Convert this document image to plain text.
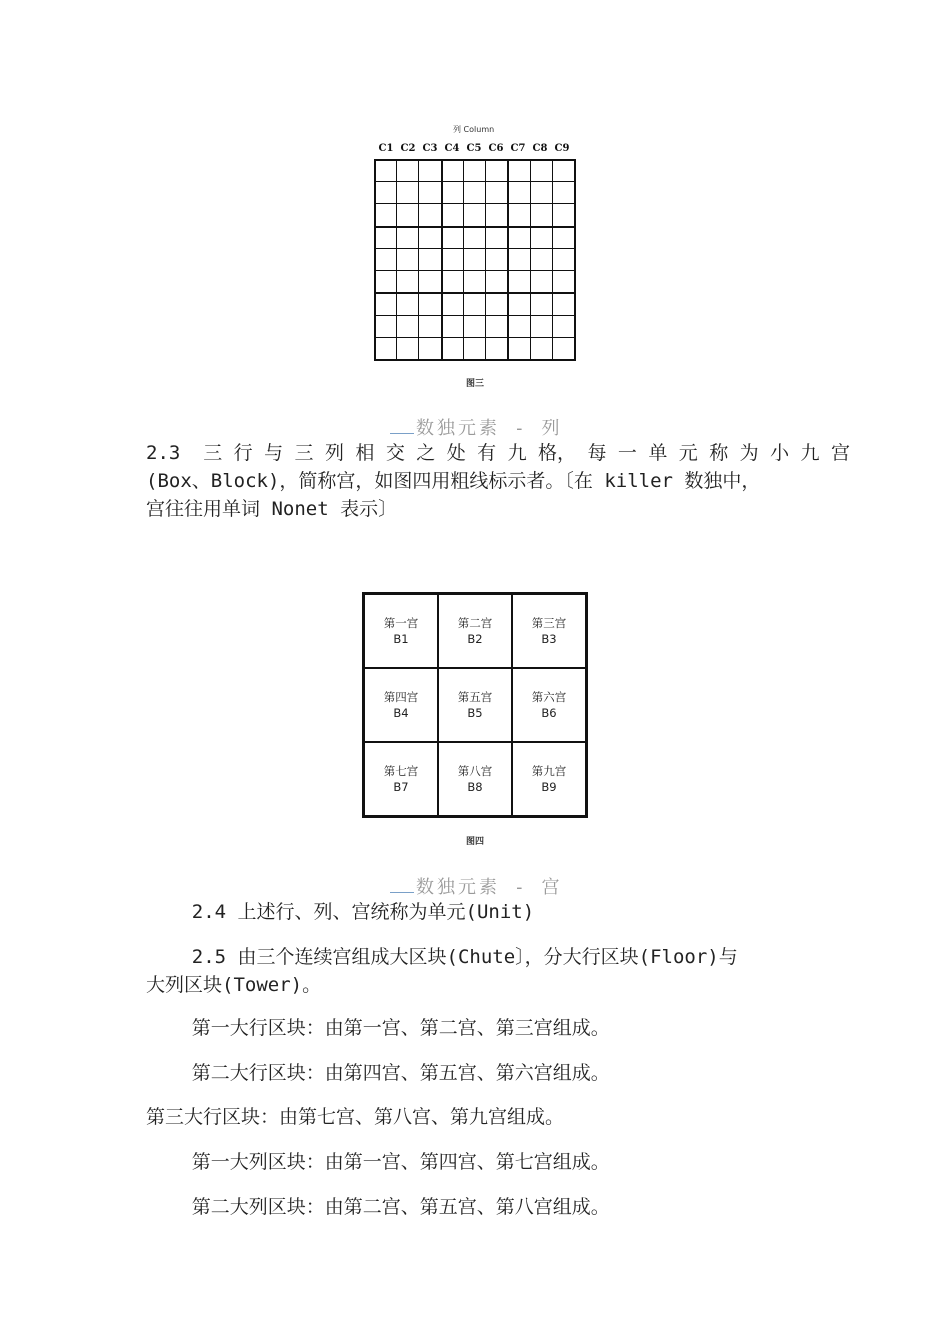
列 Column
C1 C2 C3 C4 C5 C6 C7 C8 C9
图三
数独元素 - 列
2.3  三 行 与 三 列 相 交 之 处 有 九 格， 每 一 单 元 称 为 小 九 宫
(Box、Block)，简称宫，如图四用粗线标示者。〔在 killer 数独中，
宫往往用单词 Nonet 表示〕
第一宫
B1
第二宫
B2
第三宫
B3
第四宫
B4
第五宫
B5
第六宫
B6
第七宫
B7
第八宫
B8
第九宫
B9
图四
数独元素 - 宫
2.4 上述行、列、宫统称为单元(Unit)
2.5 由三个连续宫组成大区块(Chute〕，分大行区块(Floor)与
大列区块(Tower)。
第一大行区块：由第一宫、第二宫、第三宫组成。
第二大行区块：由第四宫、第五宫、第六宫组成。
第三大行区块：由第七宫、第八宫、第九宫组成。
第一大列区块：由第一宫、第四宫、第七宫组成。
第二大列区块：由第二宫、第五宫、第八宫组成。
